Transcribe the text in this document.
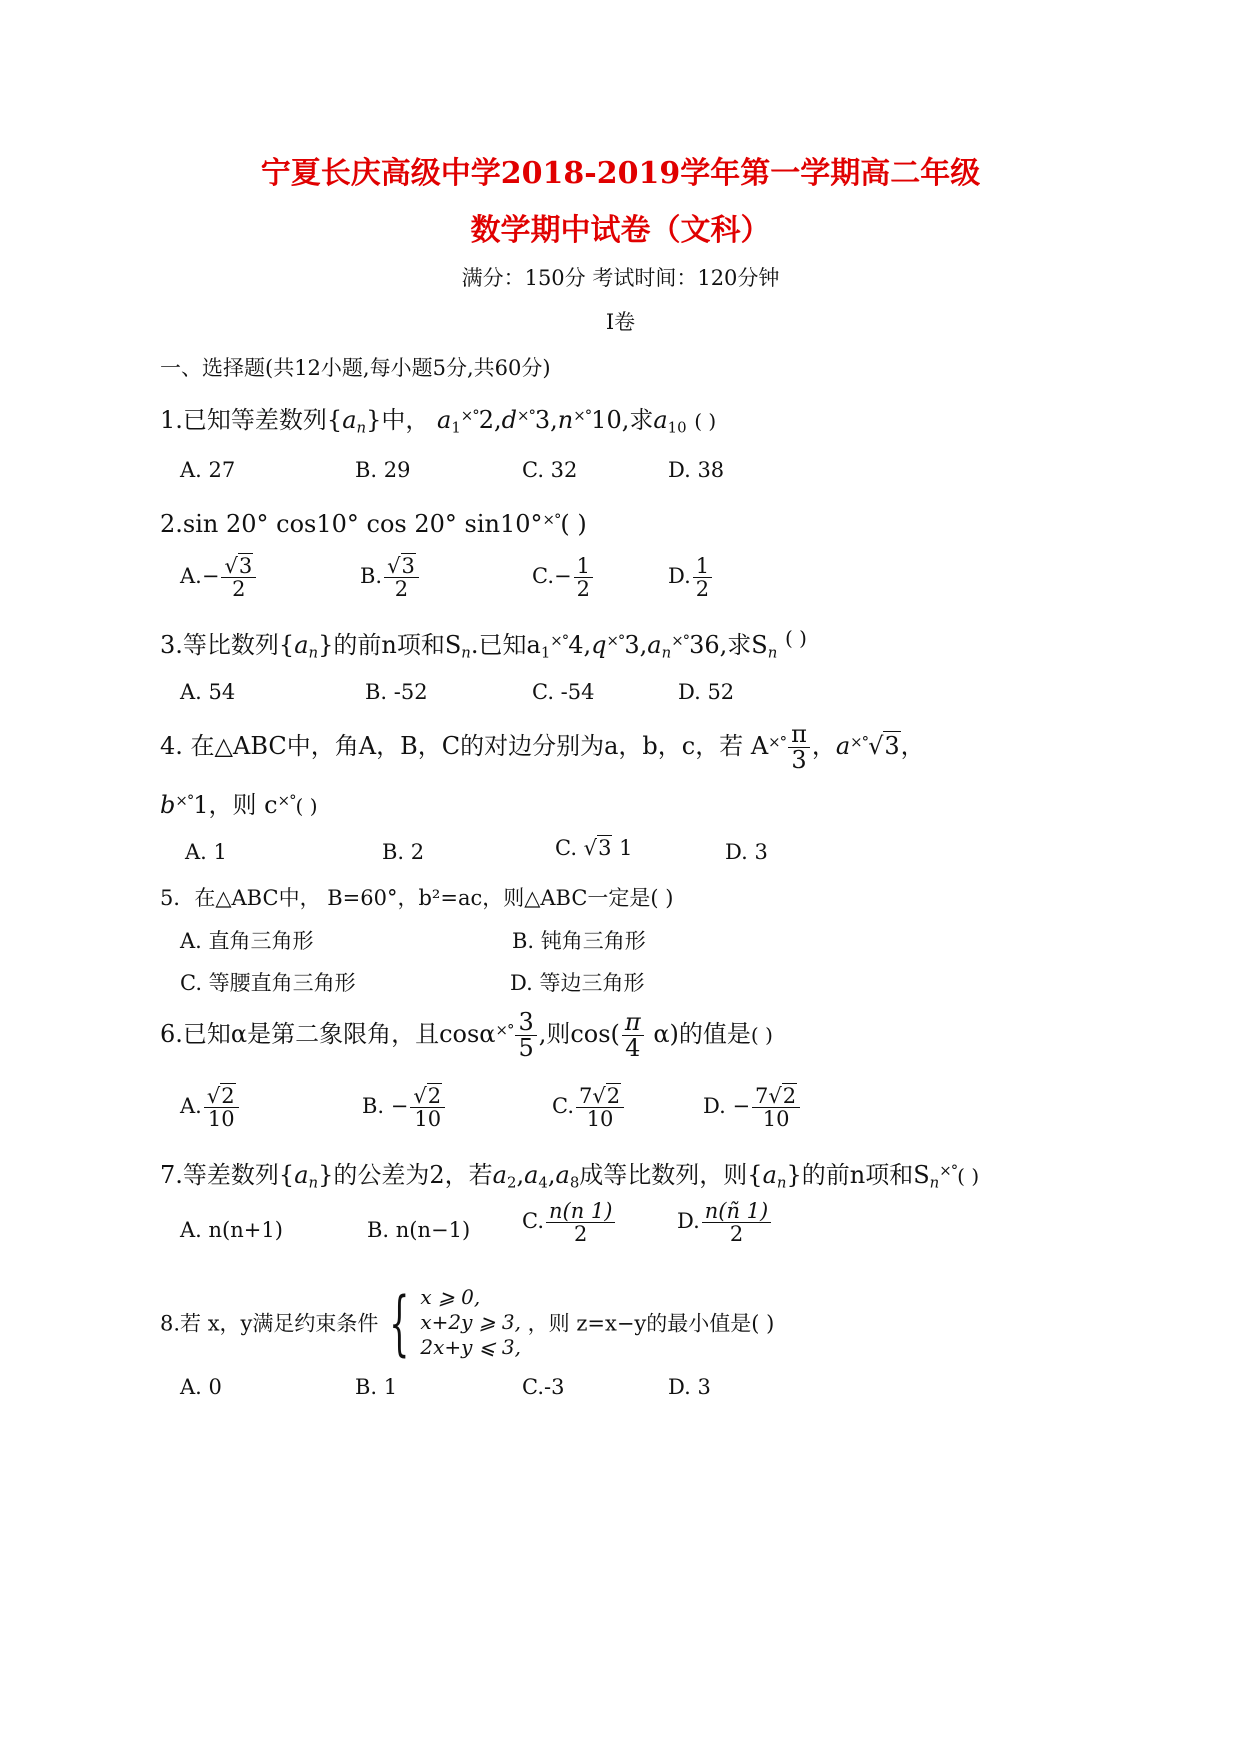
宁夏长庆高级中学2018-2019学年第一学期高二年级
数学期中试卷（文科）
满分：150分 考试时间：120分钟
I卷
一、选择题(共12小题,每小题5分,共60分)
1.已知等差数列$\{a_n\}$中， $a_1^{\times^\circ}2,d^{\times^\circ}3,n^{\times^\circ}10$,求$a_{10}$ ( )
A. 27	B. 29	C. 32	D. 38
2.sin 20° cos10° cos 20° sin10°×°( )
$A.- \frac{√3}{2}$	B. $\frac{√3}{2}$	$C.- \frac{1}{2}$	D. $\frac{1}{2}$
3.等比数列$\{a_n\}$的前n项和$S_n$.已知$a_1^{\times^\circ}4,q^{\times^\circ}3,a_n^{\times^\circ}36$,求$S_n$ ( )
A. 54	B. -52	C. -54	D. 52
4. 在△ABC中，角A，B，C的对边分别为a，b，c，若 $A^{\times^\circ} \frac{\pi}{3}$ ，a×°√3，
b×°1，则 c×°( )
A. 1	B. 2	C. √3 1	D. 3
5．在△ABC中， B=60°，b²=ac，则△ABC一定是( )
A. 直角三角形	B. 钝角三角形
C. 等腰直角三角形	D. 等边三角形
6.已知α是第二象限角，且$\cos\alpha^{\times^\circ} \frac{3}{5}$ ,则$\cos( \frac{\pi}{4} \alpha)$的值是( )
A. $\frac{√2}{10}$	B. − $\frac{√2}{10}$	C. $\frac{7√2}{10}$	D. − $\frac{7√2}{10}$
7.等差数列$\{a_n\}$的公差为2，若$a_2,a_4,a_8$成等比数列，则$\{a_n\}$的前n项和$S_n^{\times^\circ}$( )
A. n(n+1)	B. n(n−1) C. $\frac{n(n 1)}{2}$	D. $\frac{n(ñ 1)}{2}$
8.若 x，y满足约束条件 { x ⩾ 0,
x+2y ⩾ 3,
2x+y ⩽ 3,
，则 z=x−y的最小值是( )
A. 0	B. 1	C.-3	D. 3
